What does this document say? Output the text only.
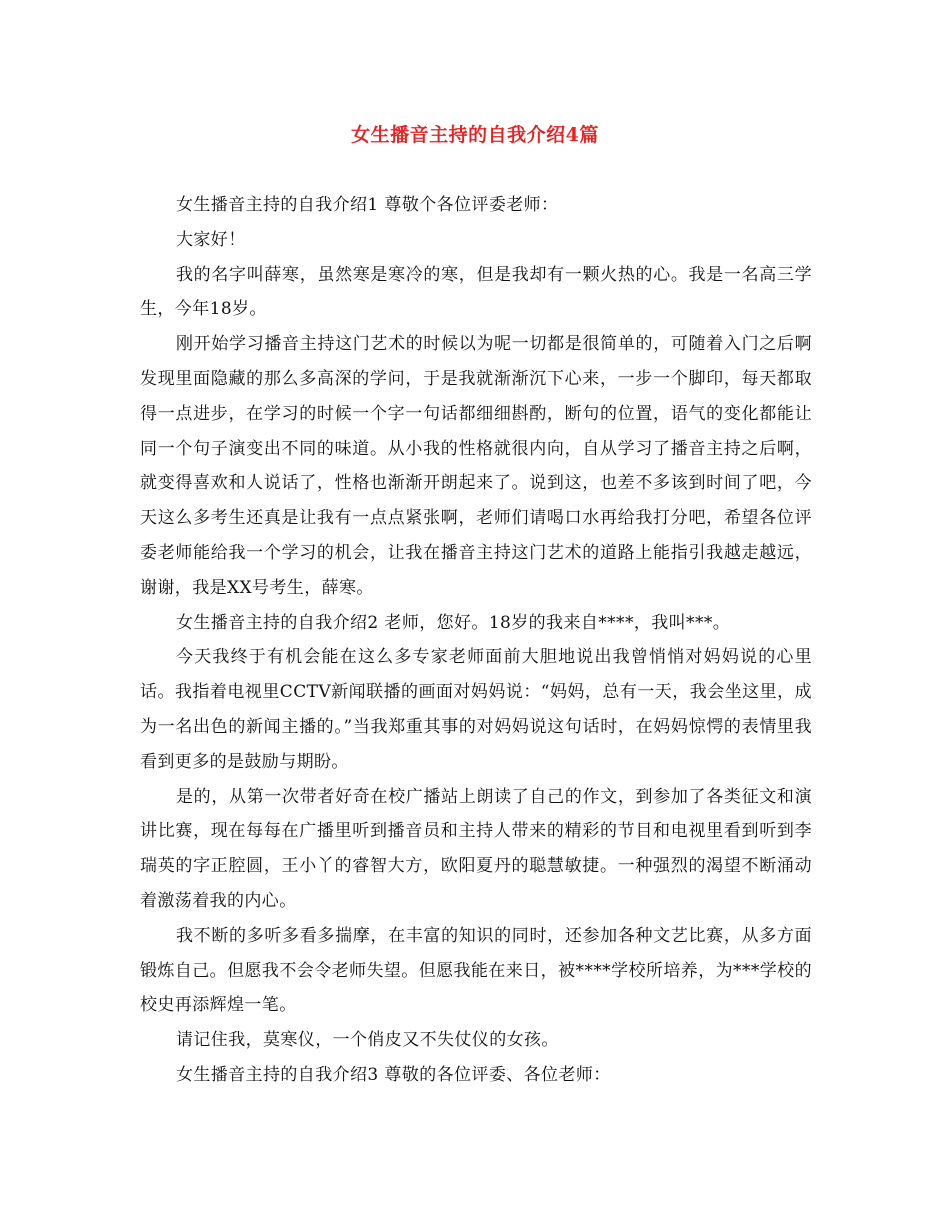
女生播音主持的自我介绍4篇

女生播音主持的自我介绍1 尊敬个各位评委老师：

大家好！

我的名字叫薛寒，虽然寒是寒冷的寒，但是我却有一颗火热的心。我是一名高三学生，今年18岁。

刚开始学习播音主持这门艺术的时候以为呢一切都是很简单的，可随着入门之后啊发现里面隐藏的那么多高深的学问，于是我就渐渐沉下心来，一步一个脚印，每天都取得一点进步，在学习的时候一个字一句话都细细斟酌，断句的位置，语气的变化都能让同一个句子演变出不同的味道。从小我的性格就很内向，自从学习了播音主持之后啊，就变得喜欢和人说话了，性格也渐渐开朗起来了。说到这，也差不多该到时间了吧，今天这么多考生还真是让我有一点点紧张啊，老师们请喝口水再给我打分吧，希望各位评委老师能给我一个学习的机会，让我在播音主持这门艺术的道路上能指引我越走越远，谢谢，我是XX号考生，薛寒。

女生播音主持的自我介绍2 老师，您好。18岁的我来自****，我叫***。

今天我终于有机会能在这么多专家老师面前大胆地说出我曾悄悄对妈妈说的心里话。我指着电视里CCTV新闻联播的画面对妈妈说：“妈妈，总有一天，我会坐这里，成为一名出色的新闻主播的。”当我郑重其事的对妈妈说这句话时，在妈妈惊愕的表情里我看到更多的是鼓励与期盼。

是的，从第一次带者好奇在校广播站上朗读了自己的作文，到参加了各类征文和演讲比赛，现在每每在广播里听到播音员和主持人带来的精彩的节目和电视里看到听到李瑞英的字正腔圆，王小丫的睿智大方，欧阳夏丹的聪慧敏捷。一种强烈的渴望不断涌动着激荡着我的内心。

我不断的多听多看多揣摩，在丰富的知识的同时，还参加各种文艺比赛，从多方面锻炼自己。但愿我不会令老师失望。但愿我能在来日，被****学校所培养，为***学校的校史再添辉煌一笔。

请记住我，莫寒仪，一个俏皮又不失仗仪的女孩。

女生播音主持的自我介绍3 尊敬的各位评委、各位老师：
